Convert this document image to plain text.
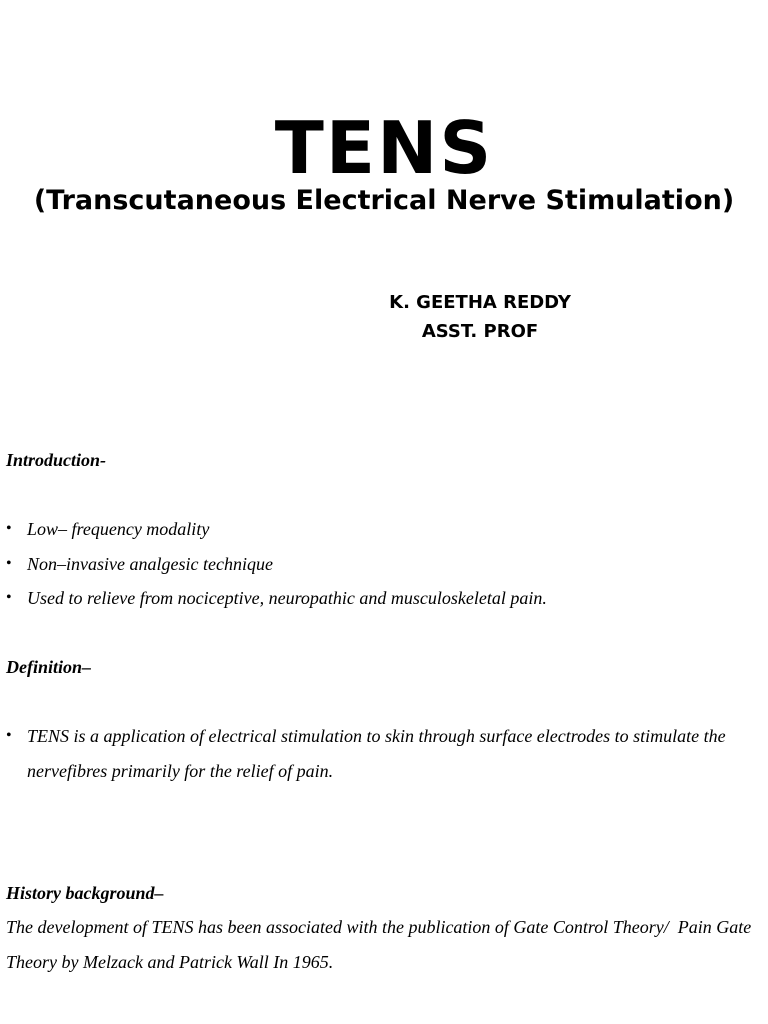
TENS
(Transcutaneous Electrical Nerve Stimulation)
K. GEETHA REDDY
ASST. PROF
Introduction-
• Low– frequency modality
• Non–invasive analgesic technique
• Used to relieve from nociceptive, neuropathic and musculoskeletal pain.
Definition–
• TENS is a application of electrical stimulation to skin through surface electrodes to stimulate the nervefibres primarily for the relief of pain.
History background–
The development of TENS has been associated with the publication of Gate Control Theory/  Pain Gate Theory by Melzack and Patrick Wall In 1965.
